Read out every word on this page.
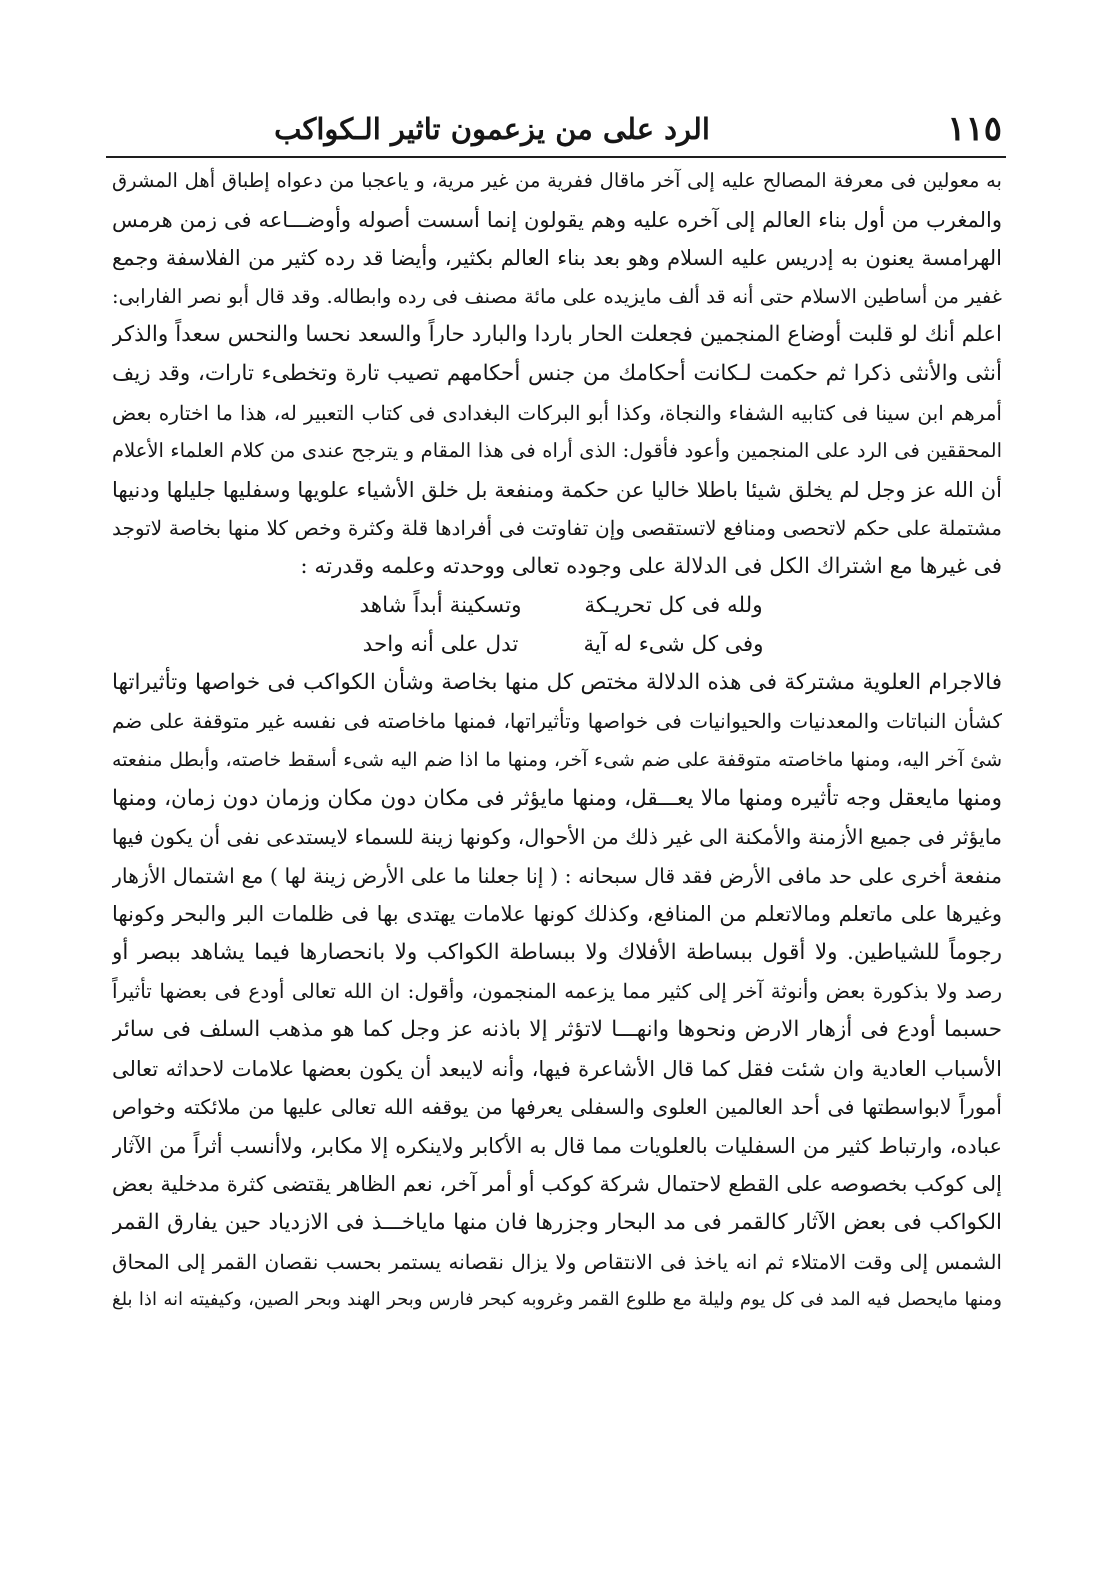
١١٥
الرد على من يزعمون تاثير الـكواكب
به معولين فى معرفة المصالح عليه إلى آخر ماقال ففرية من غير مرية، و ياعجبا من دعواه إطباق أهل المشرق
والمغرب من أول بناء العالم إلى آخره عليه وهم يقولون إنما أسست أصوله وأوضـــاعه فى زمن هرمس
الهرامسة يعنون به إدريس عليه السلام وهو بعد بناء العالم بكثير، وأيضا قد رده كثير من الفلاسفة وجمع
غفير من أساطين الاسلام حتى أنه قد ألف مايزيده على مائة مصنف فى رده وابطاله. وقد قال أبو نصر الفارابى:
اعلم أنك لو قلبت أوضاع المنجمين فجعلت الحار باردا والبارد حاراً والسعد نحسا والنحس سعداً والذكر
أنثى والأنثى ذكرا ثم حكمت لـكانت أحكامك من جنس أحكامهم تصيب تارة وتخطىء تارات، وقد زيف
أمرهم ابن سينا فى كتابيه الشفاء والنجاة، وكذا أبو البركات البغدادى فى كتاب التعبير له، هذا ما اختاره بعض
المحققين فى الرد على المنجمين وأعود فأقول: الذى أراه فى هذا المقام و يترجح عندى من كلام العلماء الأعلام
أن الله عز وجل لم يخلق شيئا باطلا خاليا عن حكمة ومنفعة بل خلق الأشياء علويها وسفليها جليلها ودنيها
مشتملة على حكم لاتحصى ومنافع لاتستقصى وإن تفاوتت فى أفرادها قلة وكثرة وخص كلا منها بخاصة لاتوجد
فى غيرها مع اشتراك الكل فى الدلالة على وجوده تعالى ووحدته وعلمه وقدرته :
ولله فى كل تحريـكة
وتسكينة أبداً شاهد
وفى كل شىء له آية
تدل على أنه واحد
فالاجرام العلوية مشتركة فى هذه الدلالة مختص كل منها بخاصة وشأن الكواكب فى خواصها وتأثيراتها
كشأن النباتات والمعدنيات والحيوانيات فى خواصها وتأثيراتها، فمنها ماخاصته فى نفسه غير متوقفة على ضم
شئ آخر اليه، ومنها ماخاصته متوقفة على ضم شىء آخر، ومنها ما اذا ضم اليه شىء أسقط خاصته، وأبطل منفعته
ومنها مايعقل وجه تأثيره ومنها مالا يعـــقل، ومنها مايؤثر فى مكان دون مكان وزمان دون زمان، ومنها
مايؤثر فى جميع الأزمنة والأمكنة الى غير ذلك من الأحوال، وكونها زينة للسماء لايستدعى نفى أن يكون فيها
منفعة أخرى على حد مافى الأرض فقد قال سبحانه : ( إنا جعلنا ما على الأرض زينة لها ) مع اشتمال الأزهار
وغيرها على ماتعلم ومالاتعلم من المنافع، وكذلك كونها علامات يهتدى بها فى ظلمات البر والبحر وكونها
رجوماً للشياطين. ولا أقول ببساطة الأفلاك ولا ببساطة الكواكب ولا بانحصارها فيما يشاهد ببصر أو
رصد ولا بذكورة بعض وأنوثة آخر إلى كثير مما يزعمه المنجمون، وأقول: ان الله تعالى أودع فى بعضها تأثيراً
حسبما أودع فى أزهار الارض ونحوها وانهـــا لاتؤثر إلا باذنه عز وجل كما هو مذهب السلف فى سائر
الأسباب العادية وان شئت فقل كما قال الأشاعرة فيها، وأنه لايبعد أن يكون بعضها علامات لاحداثه تعالى
أموراً لابواسطتها فى أحد العالمين العلوى والسفلى يعرفها من يوقفه الله تعالى عليها من ملائكته وخواص
عباده، وارتباط كثير من السفليات بالعلويات مما قال به الأكابر ولاينكره إلا مكابر، ولاأنسب أثراً من الآثار
إلى كوكب بخصوصه على القطع لاحتمال شركة كوكب أو أمر آخر، نعم الظاهر يقتضى كثرة مدخلية بعض
الكواكب فى بعض الآثار كالقمر فى مد البحار وجزرها فان منها ماياخـــذ فى الازدياد حين يفارق القمر
الشمس إلى وقت الامتلاء ثم انه ياخذ فى الانتقاص ولا يزال نقصانه يستمر بحسب نقصان القمر إلى المحاق
ومنها مايحصل فيه المد فى كل يوم وليلة مع طلوع القمر وغروبه كبحر فارس وبحر الهند وبحر الصين، وكيفيته انه اذا بلغ
